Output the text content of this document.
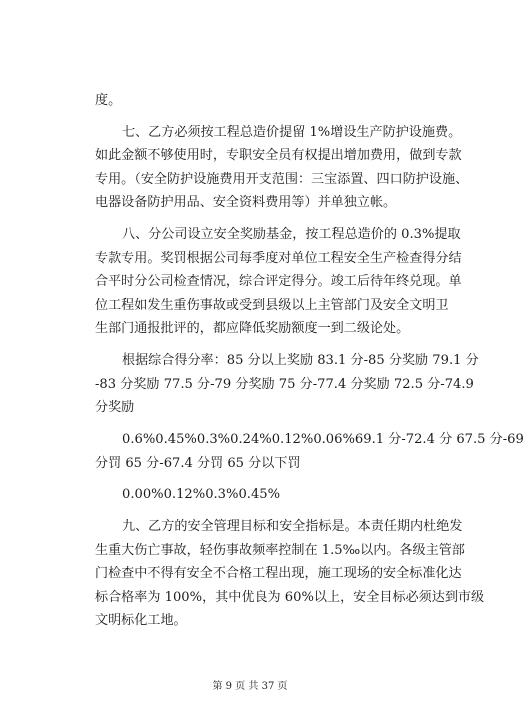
度。
七、乙方必须按工程总造价提留 1%增设生产防护设施费。
如此金额不够使用时，专职安全员有权提出增加费用，做到专款
专用。（安全防护设施费用开支范围：三宝添置、四口防护设施、
电器设备防护用品、安全资料费用等）并单独立帐。
八、分公司设立安全奖励基金，按工程总造价的 0.3%提取
专款专用。奖罚根据公司每季度对单位工程安全生产检查得分结
合平时分公司检查情况，综合评定得分。竣工后待年终兑现。单
位工程如发生重伤事故或受到县级以上主管部门及安全文明卫
生部门通报批评的，都应降低奖励额度一到二级论处。
根据综合得分率：85 分以上奖励 83.1 分-85 分奖励 79.1 分
-83 分奖励 77.5 分-79 分奖励 75 分-77.4 分奖励 72.5 分-74.9
分奖励
0.6%0.45%0.3%0.24%0.12%0.06%69.1 分-72.4 分 67.5 分-69
分罚 65 分-67.4 分罚 65 分以下罚
0.00%0.12%0.3%0.45%
九、乙方的安全管理目标和安全指标是。本责任期内杜绝发
生重大伤亡事故，轻伤事故频率控制在 1.5‰以内。各级主管部
门检查中不得有安全不合格工程出现，施工现场的安全标准化达
标合格率为 100%，其中优良为 60%以上，安全目标必须达到市级
文明标化工地。
第 9 页 共 37 页
